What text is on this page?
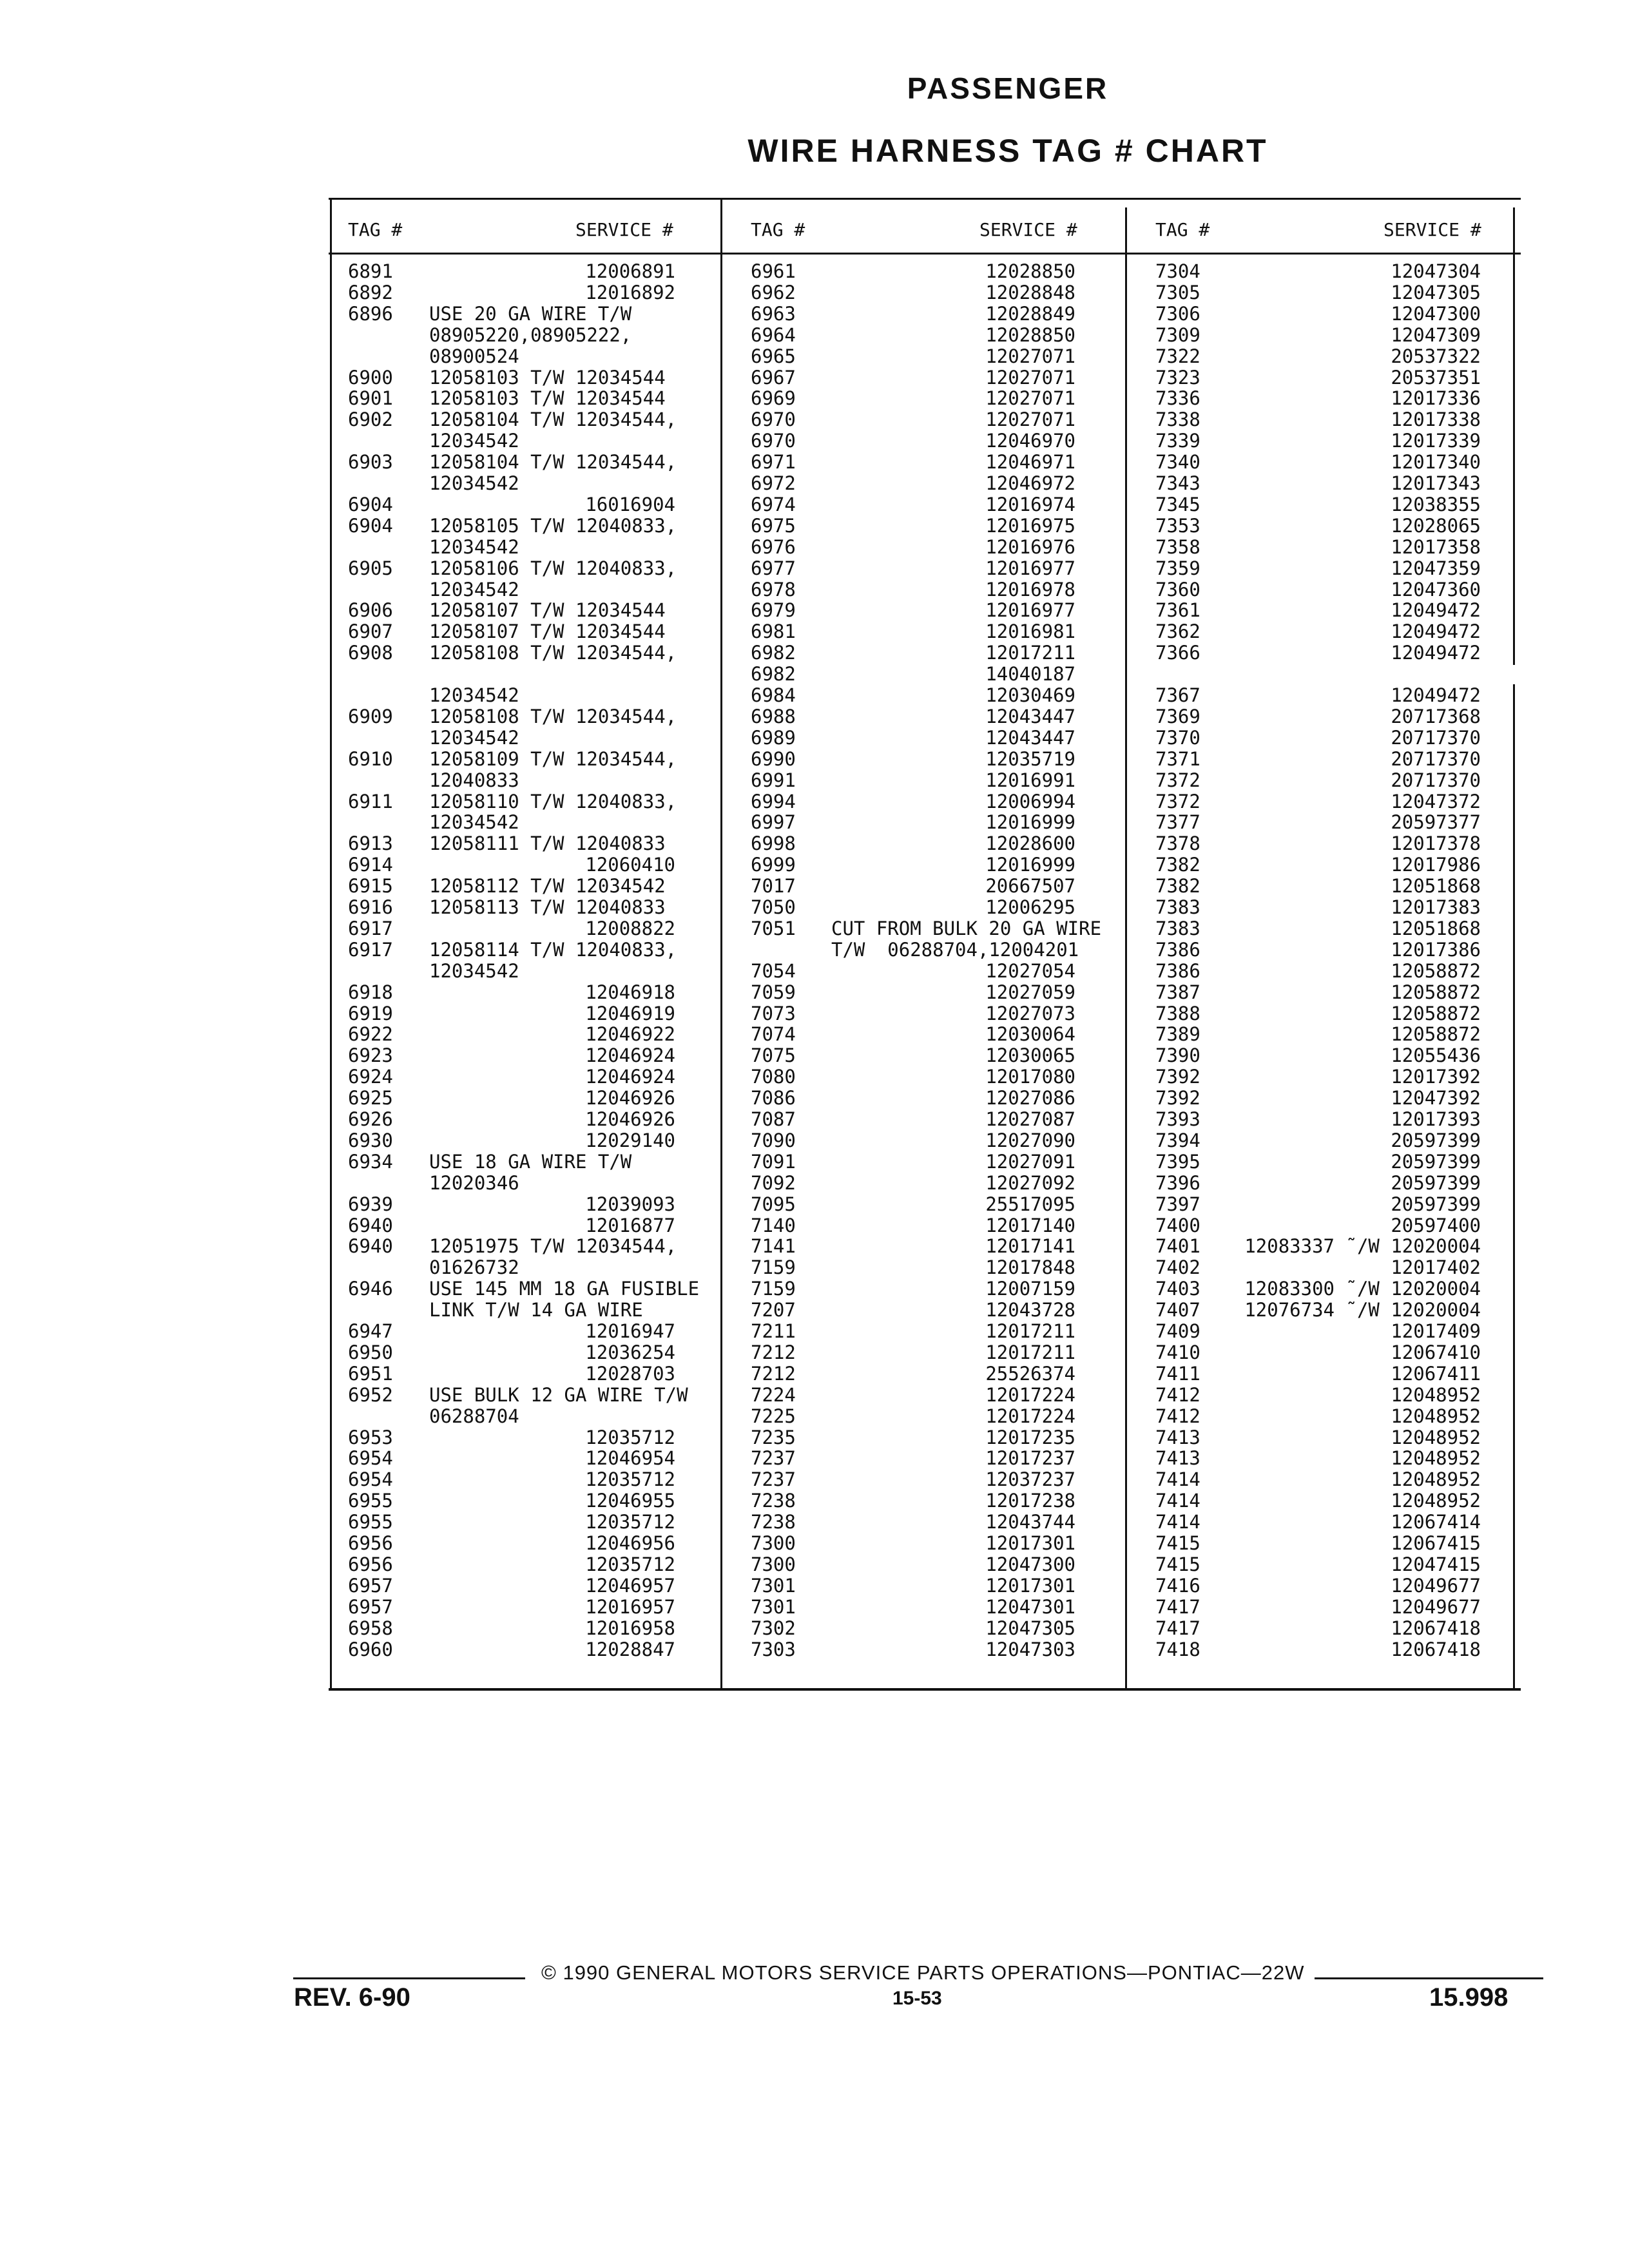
PASSENGER
WIRE HARNESS TAG # CHART
TAG #	SERVICE #	TAG #	SERVICE #	TAG #	SERVICE #
6891	12006891
6892	12016892
6896 USE 20 GA WIRE T/W
08905220,08905222,
08900524
6900 12058103 T/W 12034544
6901 12058103 T/W 12034544
6902 12058104 T/W 12034544,
12034542
6903 12058104 T/W 12034544,
12034542
6904	16016904
6904 12058105 T/W 12040833,
12034542
6905 12058106 T/W 12040833,
12034542
6906 12058107 T/W 12034544
6907 12058107 T/W 12034544
6908 12058108 T/W 12034544,
12034542
6909 12058108 T/W 12034544,
12034542
6910 12058109 T/W 12034544,
12040833
6911 12058110 T/W 12040833,
12034542
6913 12058111 T/W 12040833
6914	12060410
6915 12058112 T/W 12034542
6916 12058113 T/W 12040833
6917	12008822
6917 12058114 T/W 12040833,
12034542
6918	12046918
6919	12046919
6922	12046922
6923	12046924
6924	12046924
6925	12046926
6926	12046926
6930	12029140
6934 USE 18 GA WIRE T/W
12020346
6939	12039093
6940	12016877
6940 12051975 T/W 12034544,
01626732
6946 USE 145 MM 18 GA FUSIBLE
LINK T/W 14 GA WIRE
6947	12016947
6950	12036254
6951	12028703
6952 USE BULK 12 GA WIRE T/W
06288704
6953	12035712
6954	12046954
6954	12035712
6955	12046955
6955	12035712
6956	12046956
6956	12035712
6957	12046957
6957	12016957
6958	12016958
6960	12028847
6961	12028850
6962	12028848
6963	12028849
6964	12028850
6965	12027071
6967	12027071
6969	12027071
6970	12027071
6970	12046970
6971	12046971
6972	12046972
6974	12016974
6975	12016975
6976	12016976
6977	12016977
6978	12016978
6979	12016977
6981	12016981
6982	12017211
6982	14040187
6984	12030469
6988	12043447
6989	12043447
6990	12035719
6991	12016991
6994	12006994
6997	12016999
6998	12028600
6999	12016999
7017	20667507
7050	12006295
7051 CUT FROM BULK 20 GA WIRE
T/W  06288704,12004201
7054	12027054
7059	12027059
7073	12027073
7074	12030064
7075	12030065
7080	12017080
7086	12027086
7087	12027087
7090	12027090
7091	12027091
7092	12027092
7095	25517095
7140	12017140
7141	12017141
7159	12017848
7159	12007159
7207	12043728
7211	12017211
7212	12017211
7212	25526374
7224	12017224
7225	12017224
7235	12017235
7237	12017237
7237	12037237
7238	12017238
7238	12043744
7300	12017301
7300	12047300
7301	12017301
7301	12047301
7302	12047305
7303	12047303
7304	12047304
7305	12047305
7306	12047300
7309	12047309
7322	20537322
7323	20537351
7336	12017336
7338	12017338
7339	12017339
7340	12017340
7343	12017343
7345	12038355
7353	12028065
7358	12017358
7359	12047359
7360	12047360
7361	12049472
7362	12049472
7366	12049472
7367	12049472
7369	20717368
7370	20717370
7371	20717370
7372	20717370
7372	12047372
7377	20597377
7378	12017378
7382	12017986
7382	12051868
7383	12017383
7383	12051868
7386	12017386
7386	12058872
7387	12058872
7388	12058872
7389	12058872
7390	12055436
7392	12017392
7392	12047392
7393	12017393
7394	20597399
7395	20597399
7396	20597399
7397	20597399
7400	20597400
7401 12083337 ˜/W 12020004
7402	12017402
7403 12083300 ˜/W 12020004
7407 12076734 ˜/W 12020004
7409	12017409
7410	12067410
7411	12067411
7412	12048952
7412	12048952
7413	12048952
7413	12048952
7414	12048952
7414	12048952
7414	12067414
7415	12067415
7415	12047415
7416	12049677
7417	12049677
7417	12067418
7418	12067418
© 1990 GENERAL MOTORS SERVICE PARTS OPERATIONS—PONTIAC—22W
REV. 6-90	15-53	15.998
